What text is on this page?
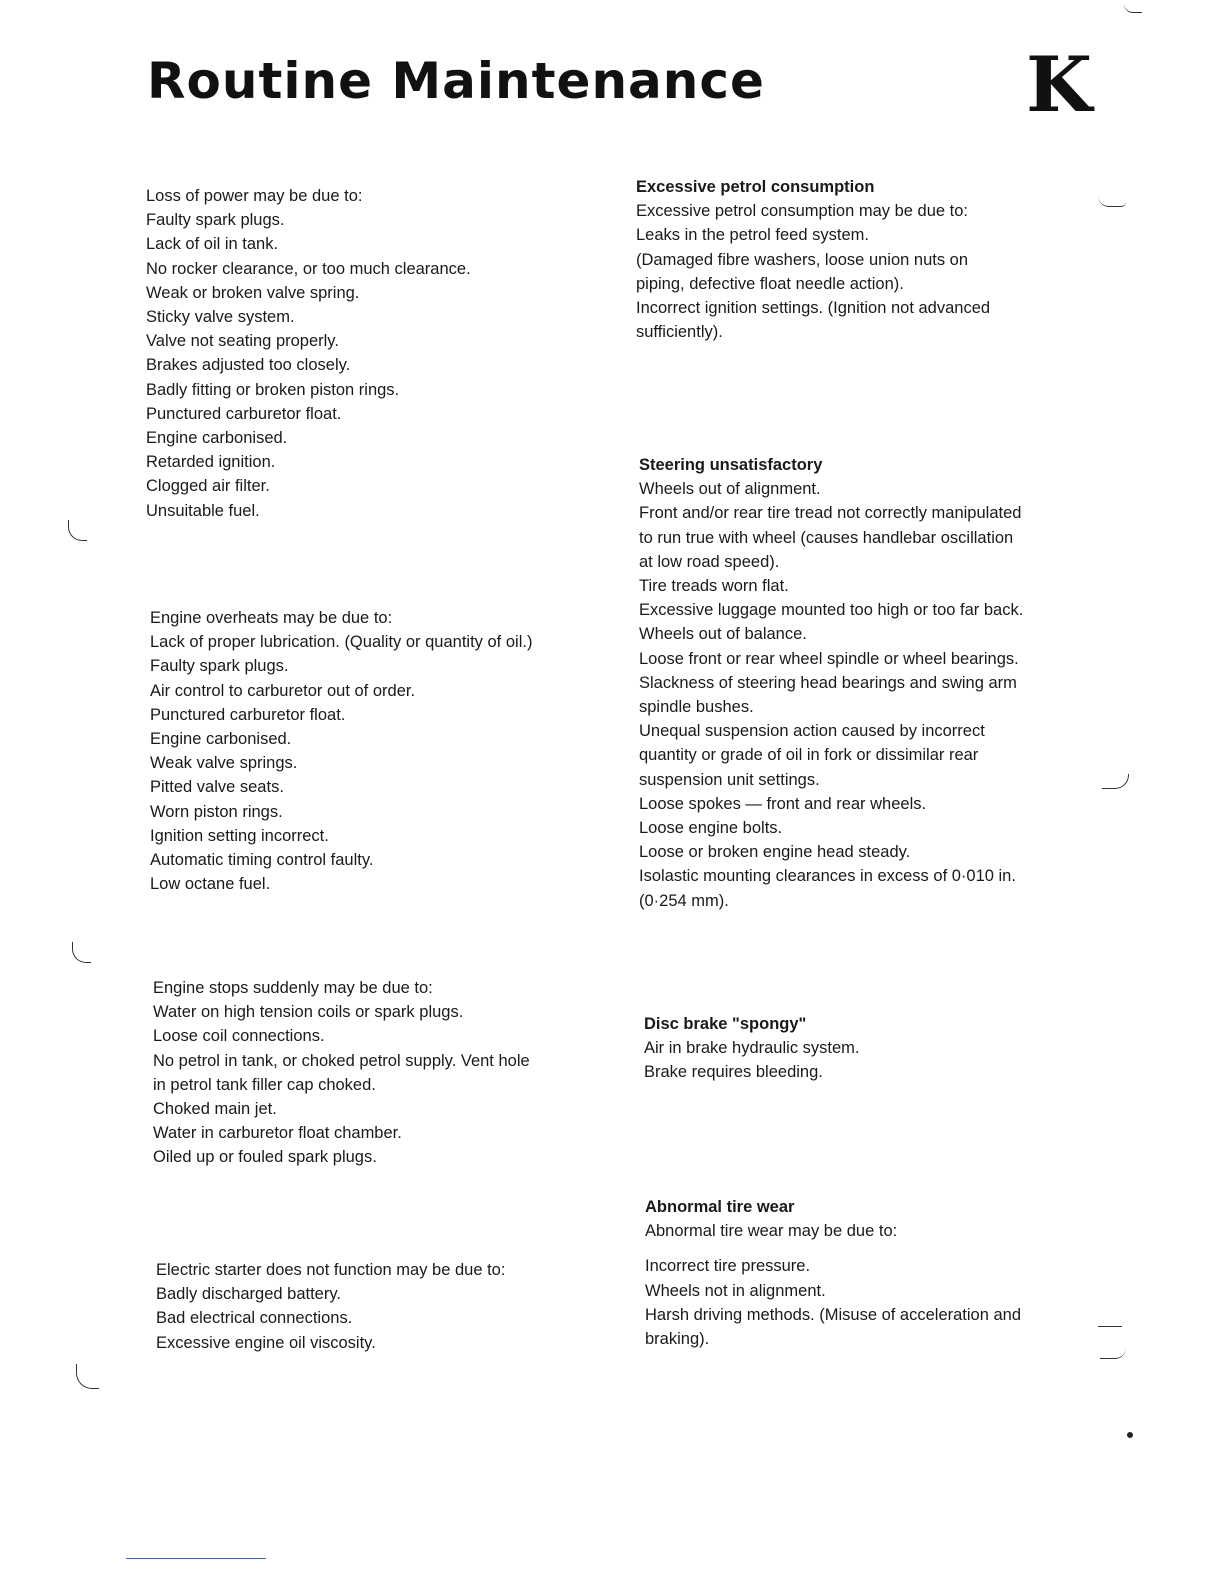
Routine Maintenance	K

Loss of power may be due to:

Faulty spark plugs.

Lack of oil in tank.

No rocker clearance, or too much clearance.

Weak or broken valve spring.

Sticky valve system.

Valve not seating properly.

Brakes adjusted too closely.

Badly fitting or broken piston rings.

Punctured carburetor float.

Engine carbonised.

Retarded ignition.

Clogged air filter.

Unsuitable fuel.

Engine overheats may be due to:

Lack of proper lubrication. (Quality or quantity of oil.)

Faulty spark plugs.

Air control to carburetor out of order.

Punctured carburetor float.

Engine carbonised.

Weak valve springs.

Pitted valve seats.

Worn piston rings.

Ignition setting incorrect.

Automatic timing control faulty.

Low octane fuel.

Engine stops suddenly may be due to:

Water on high tension coils or spark plugs.

Loose coil connections.

No petrol in tank, or choked petrol supply. Vent hole

in petrol tank filler cap choked.

Choked main jet.

Water in carburetor float chamber.

Oiled up or fouled spark plugs.

Electric starter does not function may be due to:

Badly discharged battery.

Bad electrical connections.

Excessive engine oil viscosity.

Excessive petrol consumption

Excessive petrol consumption may be due to:

Leaks in the petrol feed system.

(Damaged fibre washers, loose union nuts on

piping, defective float needle action).

Incorrect ignition settings. (Ignition not advanced

sufficiently).

Steering unsatisfactory

Wheels out of alignment.

Front and/or rear tire tread not correctly manipulated

to run true with wheel (causes handlebar oscillation

at low road speed).

Tire treads worn flat.

Excessive luggage mounted too high or too far back.

Wheels out of balance.

Loose front or rear wheel spindle or wheel bearings.

Slackness of steering head bearings and swing arm

spindle bushes.

Unequal suspension action caused by incorrect

quantity or grade of oil in fork or dissimilar rear

suspension unit settings.

Loose spokes — front and rear wheels.

Loose engine bolts.

Loose or broken engine head steady.

Isolastic mounting clearances in excess of 0·010 in.

(0·254 mm).

Disc brake "spongy"

Air in brake hydraulic system.

Brake requires bleeding.

Abnormal tire wear

Abnormal tire wear may be due to:

Incorrect tire pressure.

Wheels not in alignment.

Harsh driving methods. (Misuse of acceleration and

braking).
